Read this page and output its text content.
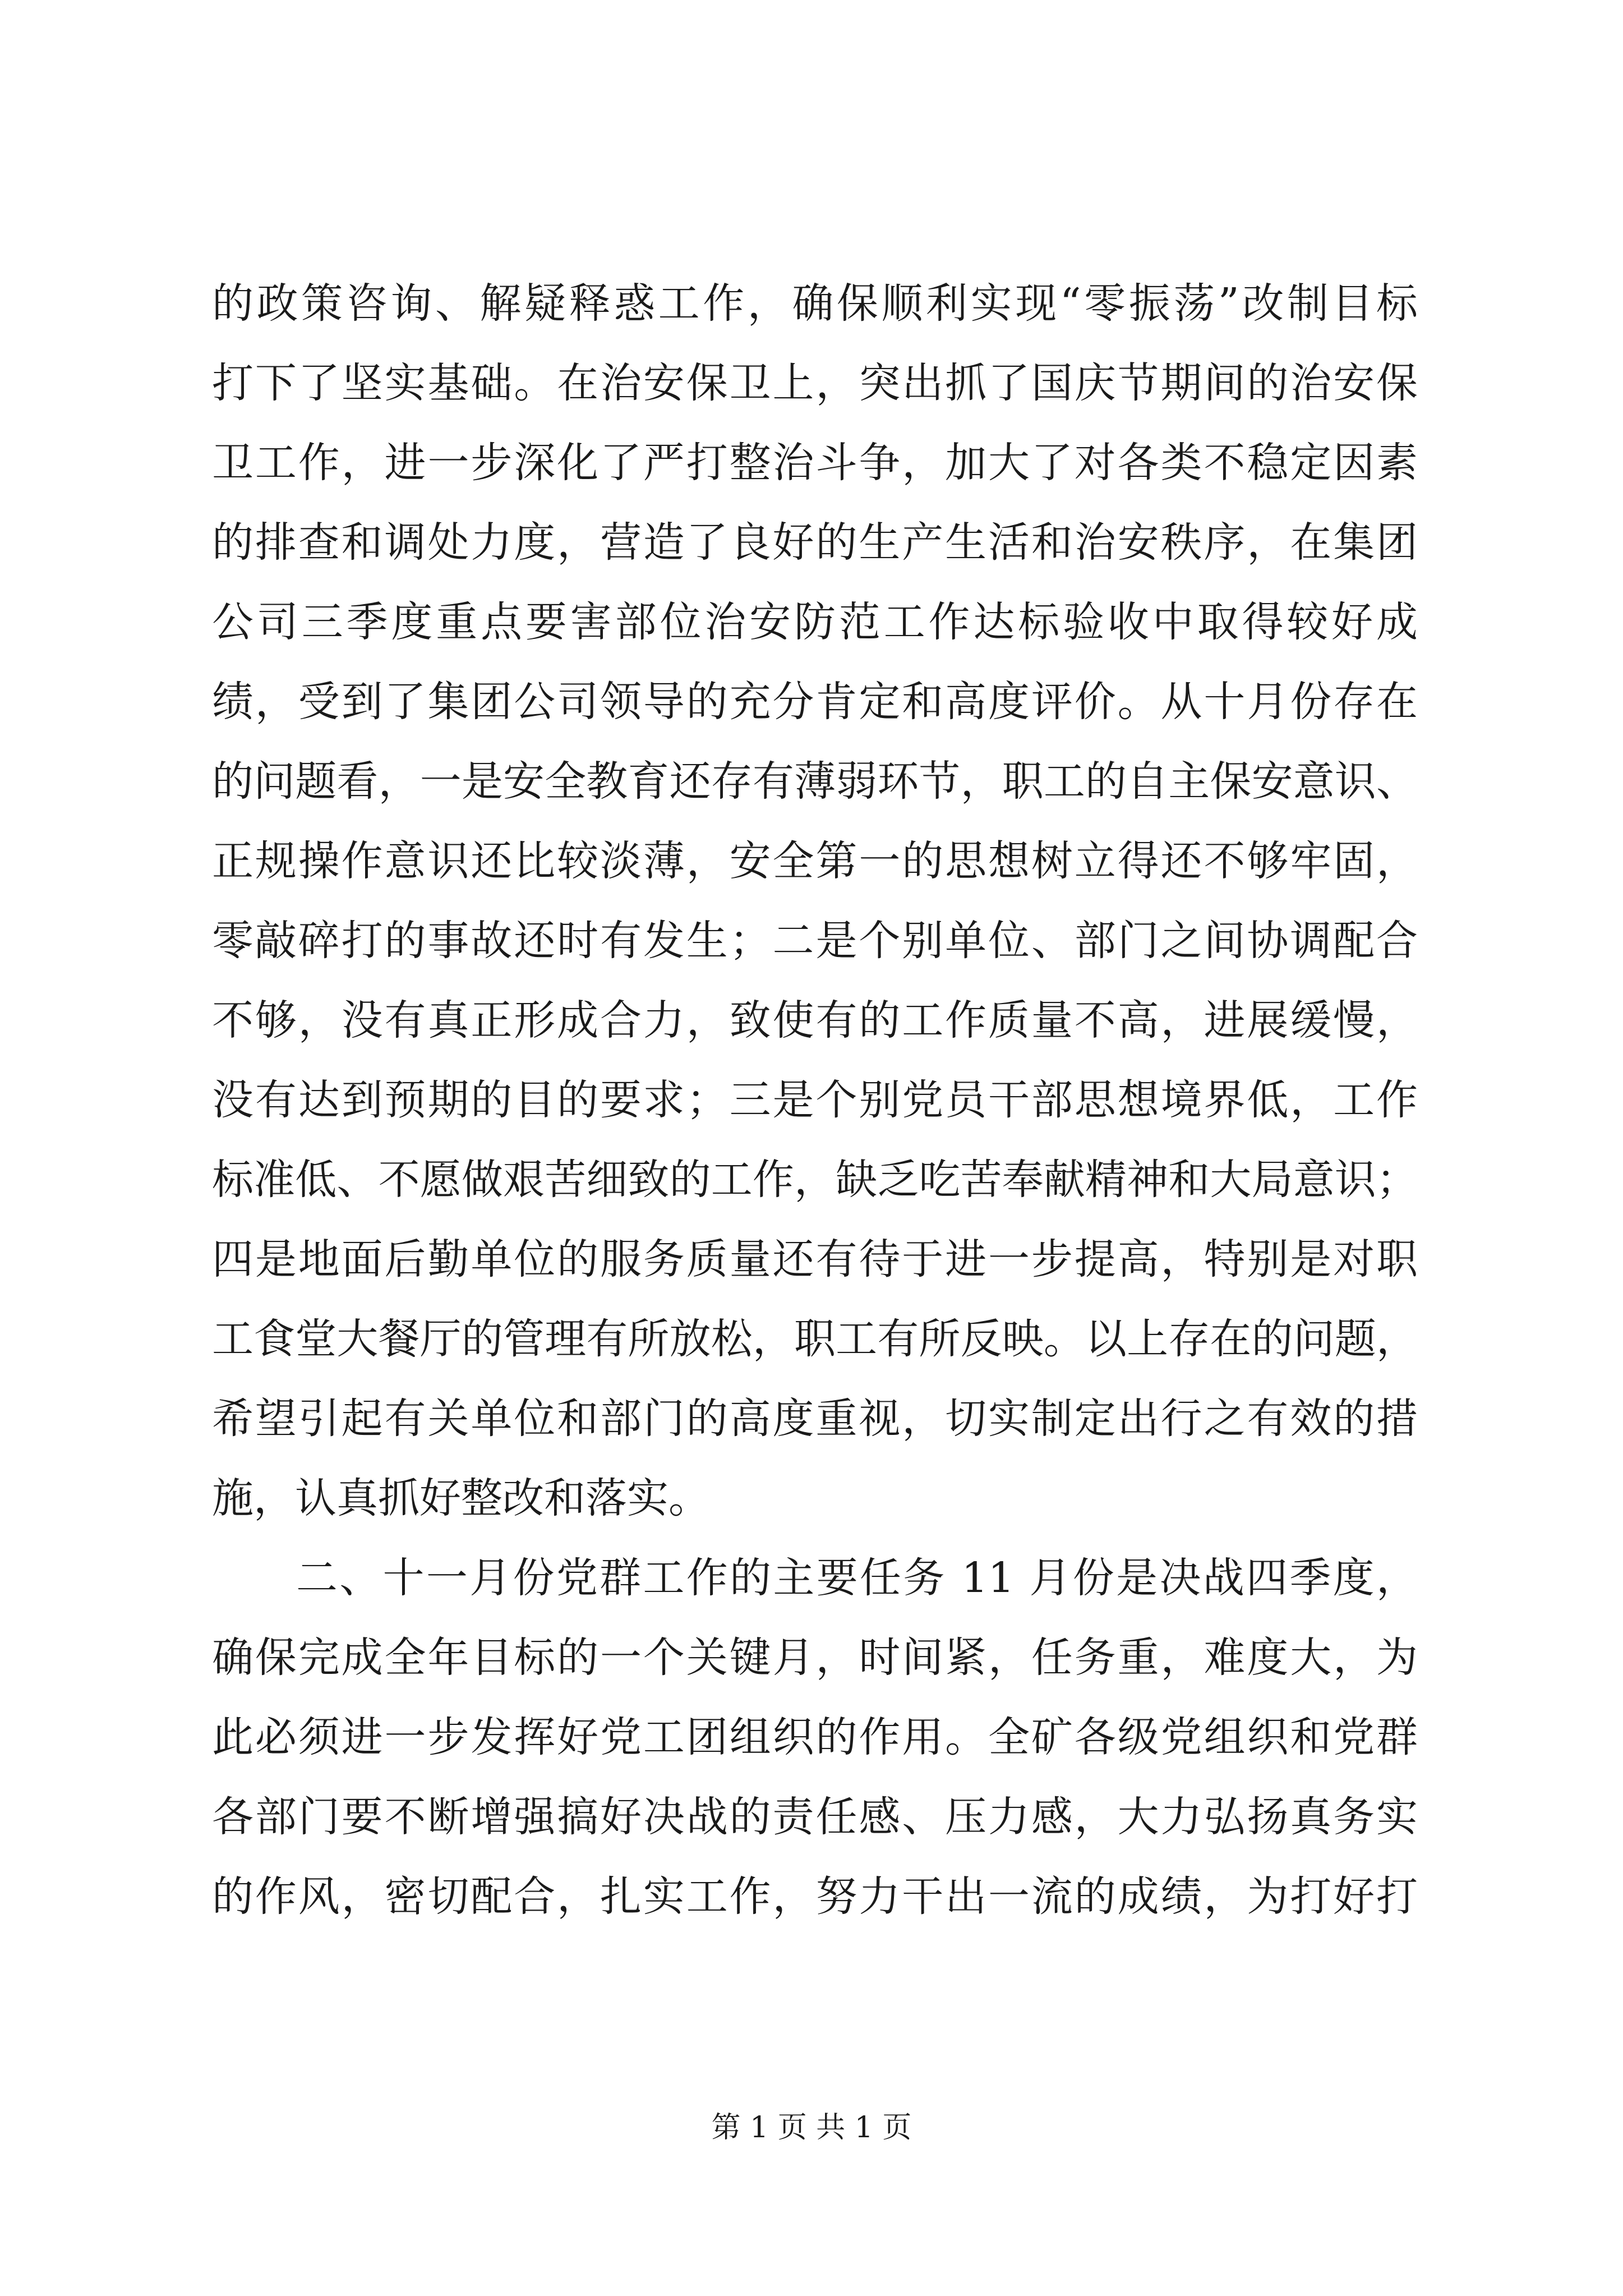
的政策咨询、解疑释惑工作，确保顺利实现“零振荡”改制目标
打下了坚实基础。在治安保卫上，突出抓了国庆节期间的治安保
卫工作，进一步深化了严打整治斗争，加大了对各类不稳定因素
的排查和调处力度，营造了良好的生产生活和治安秩序，在集团
公司三季度重点要害部位治安防范工作达标验收中取得较好成
绩，受到了集团公司领导的充分肯定和高度评价。从十月份存在
的问题看，一是安全教育还存有薄弱环节，职工的自主保安意识、
正规操作意识还比较淡薄，安全第一的思想树立得还不够牢固，
零敲碎打的事故还时有发生；二是个别单位、部门之间协调配合
不够，没有真正形成合力，致使有的工作质量不高，进展缓慢，
没有达到预期的目的要求；三是个别党员干部思想境界低，工作
标准低、不愿做艰苦细致的工作，缺乏吃苦奉献精神和大局意识；
四是地面后勤单位的服务质量还有待于进一步提高，特别是对职
工食堂大餐厅的管理有所放松，职工有所反映。以上存在的问题，
希望引起有关单位和部门的高度重视，切实制定出行之有效的措
施，认真抓好整改和落实。
二、十一月份党群工作的主要任务 11 月份是决战四季度，
确保完成全年目标的一个关键月，时间紧，任务重，难度大，为
此必须进一步发挥好党工团组织的作用。全矿各级党组织和党群
各部门要不断增强搞好决战的责任感、压力感，大力弘扬真务实
的作风，密切配合，扎实工作，努力干出一流的成绩，为打好打
第 1 页 共 1 页
